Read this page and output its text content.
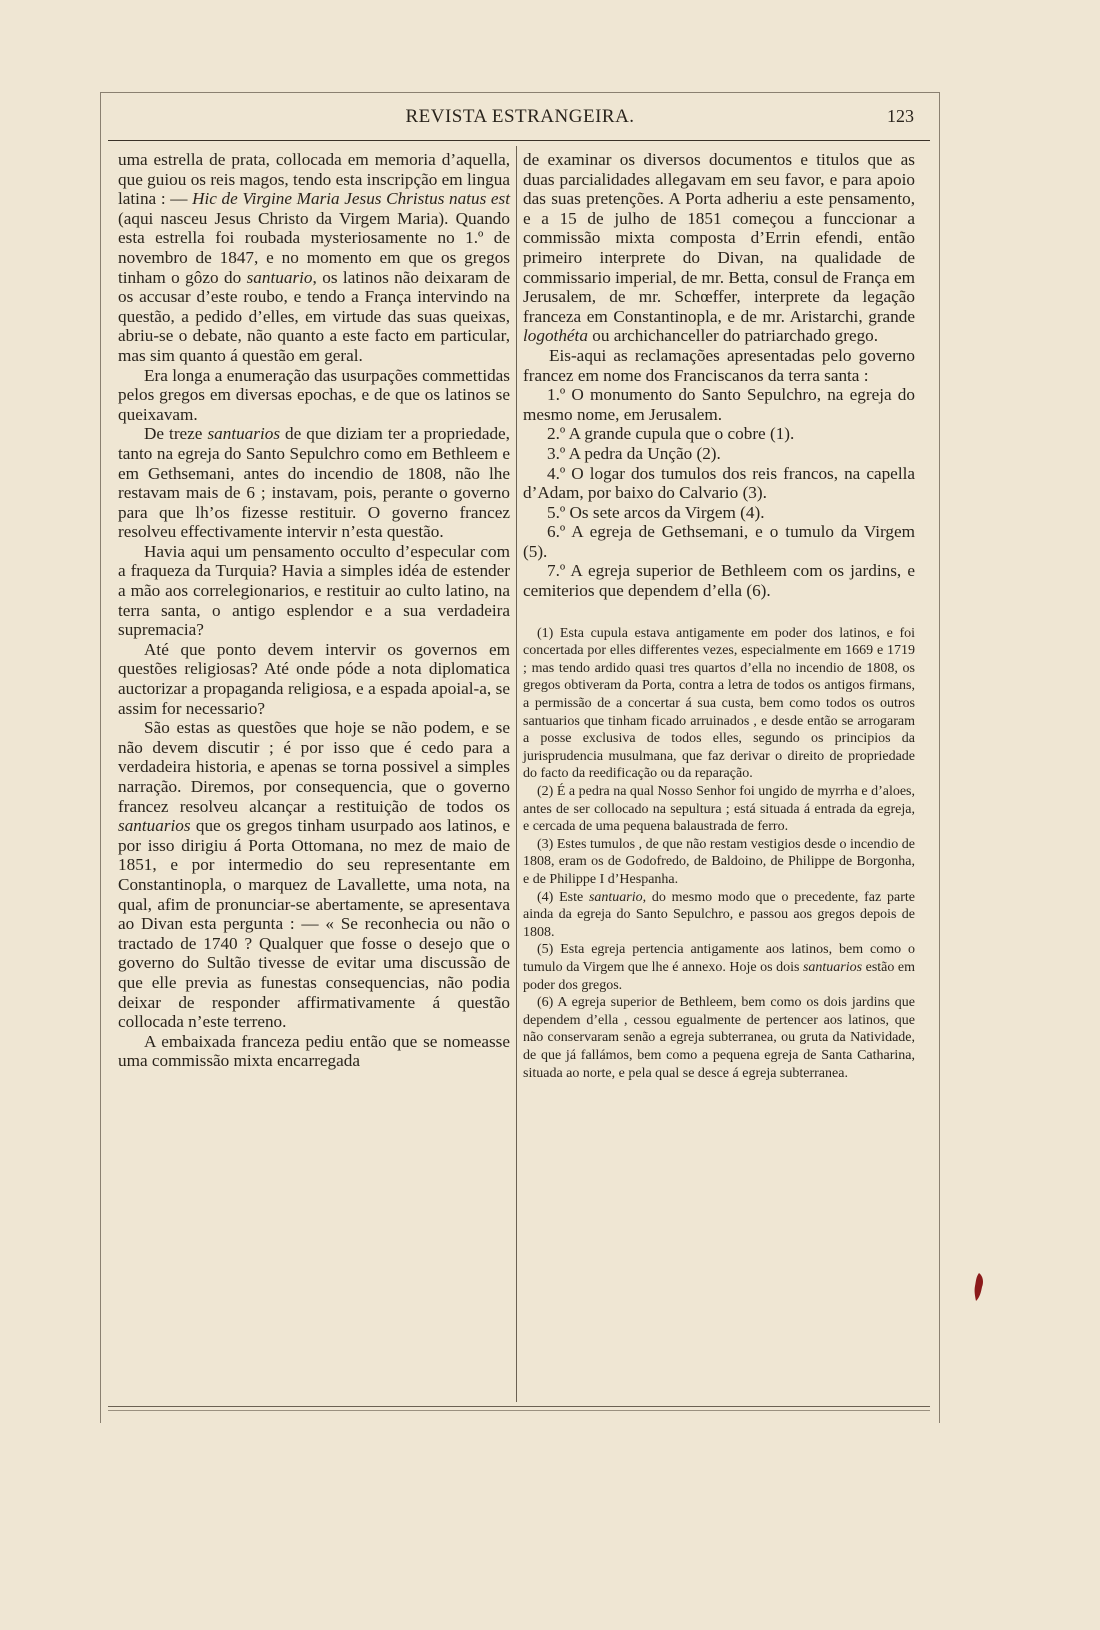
REVISTA ESTRANGEIRA.	123

uma estrella de prata, collocada em memoria d’aquella, que guiou os reis magos, tendo esta inscripção em lingua latina : — Hic de Virgine Maria Jesus Christus natus est (aqui nasceu Jesus Christo da Virgem Maria). Quando esta estrella foi roubada mysteriosamente no 1.º de novembro de 1847, e no momento em que os gregos tinham o gôzo do santuario, os latinos não deixaram de os accusar d’este roubo, e tendo a França intervindo na questão, a pedido d’elles, em virtude das suas queixas, abriu-se o debate, não quanto a este facto em particular, mas sim quanto á questão em geral.

Era longa a enumeração das usurpações commettidas pelos gregos em diversas epochas, e de que os latinos se queixavam.

De treze santuarios de que diziam ter a propriedade, tanto na egreja do Santo Sepulchro como em Bethleem e em Gethsemani, antes do incendio de 1808, não lhe restavam mais de 6 ; instavam, pois, perante o governo para que lh’os fizesse restituir. O governo francez resolveu effectivamente intervir n’esta questão.

Havia aqui um pensamento occulto d’especular com a fraqueza da Turquia? Havia a simples idéa de estender a mão aos correlegionarios, e restituir ao culto latino, na terra santa, o antigo esplendor e a sua verdadeira supremacia?

Até que ponto devem intervir os governos em questões religiosas? Até onde póde a nota diplomatica auctorizar a propaganda religiosa, e a espada apoial-a, se assim for necessario?

São estas as questões que hoje se não podem, e se não devem discutir ; é por isso que é cedo para a verdadeira historia, e apenas se torna possivel a simples narração. Diremos, por consequencia, que o governo francez resolveu alcançar a restituição de todos os santuarios que os gregos tinham usurpado aos latinos, e por isso dirigiu á Porta Ottomana, no mez de maio de 1851, e por intermedio do seu representante em Constantinopla, o marquez de Lavallette, uma nota, na qual, afim de pronunciar-se abertamente, se apresentava ao Divan esta pergunta : — « Se reconhecia ou não o tractado de 1740 ? Qualquer que fosse o desejo que o governo do Sultão tivesse de evitar uma discussão de que elle previa as funestas consequencias, não podia deixar de responder affirmativamente á questão collocada n’este terreno.

A embaixada franceza pediu então que se nomeasse uma commissão mixta encarregada

de examinar os diversos documentos e titulos que as duas parcialidades allegavam em seu favor, e para apoio das suas pretenções. A Porta adheriu a este pensamento, e a 15 de julho de 1851 começou a funccionar a commissão mixta composta d’Errin efendi, então primeiro interprete do Divan, na qualidade de commissario imperial, de mr. Betta, consul de França em Jerusalem, de mr. Schœffer, interprete da legação franceza em Constantinopla, e de mr. Aristarchi, grande logothéta ou archichanceller do patriarchado grego.

Eis-aqui as reclamações apresentadas pelo governo francez em nome dos Franciscanos da terra santa :

1.º O monumento do Santo Sepulchro, na egreja do mesmo nome, em Jerusalem.
2.º A grande cupula que o cobre (1).
3.º A pedra da Unção (2).
4.º O logar dos tumulos dos reis francos, na capella d’Adam, por baixo do Calvario (3).
5.º Os sete arcos da Virgem (4).
6.º A egreja de Gethsemani, e o tumulo da Virgem (5).
7.º A egreja superior de Bethleem com os jardins, e cemiterios que dependem d’ella (6).

(1) Esta cupula estava antigamente em poder dos latinos, e foi concertada por elles differentes vezes, especialmente em 1669 e 1719 ; mas tendo ardido quasi tres quartos d’ella no incendio de 1808, os gregos obtiveram da Porta, contra a letra de todos os antigos firmans, a permissão de a concertar á sua custa, bem como todos os outros santuarios que tinham ficado arruinados , e desde então se arrogaram a posse exclusiva de todos elles, segundo os principios da jurisprudencia musulmana, que faz derivar o direito de propriedade do facto da reedificação ou da reparação.

(2) É a pedra na qual Nosso Senhor foi ungido de myrrha e d’aloes, antes de ser collocado na sepultura ; está situada á entrada da egreja, e cercada de uma pequena balaustrada de ferro.

(3) Estes tumulos , de que não restam vestigios desde o incendio de 1808, eram os de Godofredo, de Baldoino, de Philippe de Borgonha, e de Philippe I d’Hespanha.

(4) Este santuario, do mesmo modo que o precedente, faz parte ainda da egreja do Santo Sepulchro, e passou aos gregos depois de 1808.

(5) Esta egreja pertencia antigamente aos latinos, bem como o tumulo da Virgem que lhe é annexo. Hoje os dois santuarios estão em poder dos gregos.

(6) A egreja superior de Bethleem, bem como os dois jardins que dependem d’ella , cessou egualmente de pertencer aos latinos, que não conservaram senão a egreja subterranea, ou gruta da Natividade, de que já fallámos, bem como a pequena egreja de Santa Catharina, situada ao norte, e pela qual se desce á egreja subterranea.
